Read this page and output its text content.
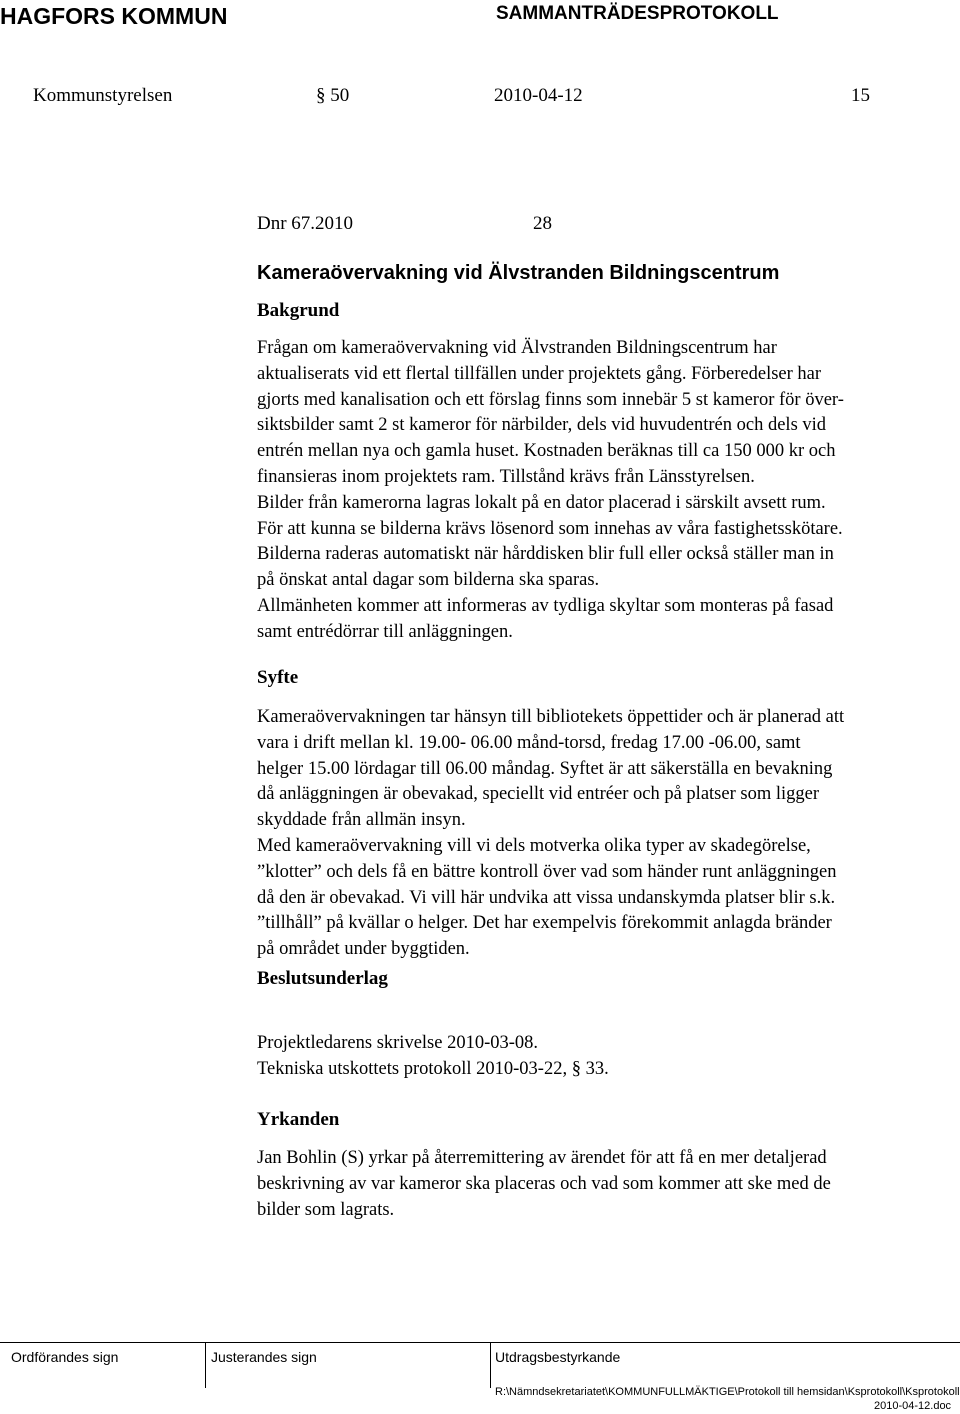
HAGFORS KOMMUN	SAMMANTRÄDESPROTOKOLL
Kommunstyrelsen	§ 50	2010-04-12	15
Dnr 67.2010	28
Kameraövervakning vid Älvstranden Bildningscentrum
Bakgrund
Frågan om kameraövervakning vid Älvstranden Bildningscentrum har
aktualiserats vid ett flertal tillfällen under projektets gång. Förberedelser har
gjorts med kanalisation och ett förslag finns som innebär 5 st kameror för över-
siktsbilder samt 2 st kameror för närbilder, dels vid huvudentrén och dels vid
entrén mellan nya och gamla huset. Kostnaden beräknas till ca 150 000 kr och
finansieras inom projektets ram. Tillstånd krävs från Länsstyrelsen.
Bilder från kamerorna lagras lokalt på en dator placerad i särskilt avsett rum.
För att kunna se bilderna krävs lösenord som innehas av våra fastighetsskötare.
Bilderna raderas automatiskt när hårddisken blir full eller också ställer man in
på önskat antal dagar som bilderna ska sparas.
Allmänheten kommer att informeras av tydliga skyltar som monteras på fasad
samt entrédörrar till anläggningen.
Syfte
Kameraövervakningen tar hänsyn till bibliotekets öppettider och är planerad att
vara i drift mellan kl. 19.00- 06.00 månd-torsd, fredag 17.00 -06.00, samt
helger 15.00 lördagar till 06.00 måndag. Syftet är att säkerställa en bevakning
då anläggningen är obevakad, speciellt vid entréer och på platser som ligger
skyddade från allmän insyn.
Med kameraövervakning vill vi dels motverka olika typer av skadegörelse,
”klotter” och dels få en bättre kontroll över vad som händer runt anläggningen
då den är obevakad. Vi vill här undvika att vissa undanskymda platser blir s.k.
”tillhåll” på kvällar o helger. Det har exempelvis förekommit anlagda bränder
på området under byggtiden.
Beslutsunderlag
Projektledarens skrivelse 2010-03-08.
Tekniska utskottets protokoll 2010-03-22, § 33.
Yrkanden
Jan Bohlin (S) yrkar på återremittering av ärendet för att få en mer detaljerad
beskrivning av var kameror ska placeras och vad som kommer att ske med de
bilder som lagrats.
Ordförandes sign	Justerandes sign	Utdragsbestyrkande
R:\Nämndsekretariatet\KOMMUNFULLMÄKTIGE\Protokoll till hemsidan\Ksprotokoll\Ksprotokoll
2010-04-12.doc
